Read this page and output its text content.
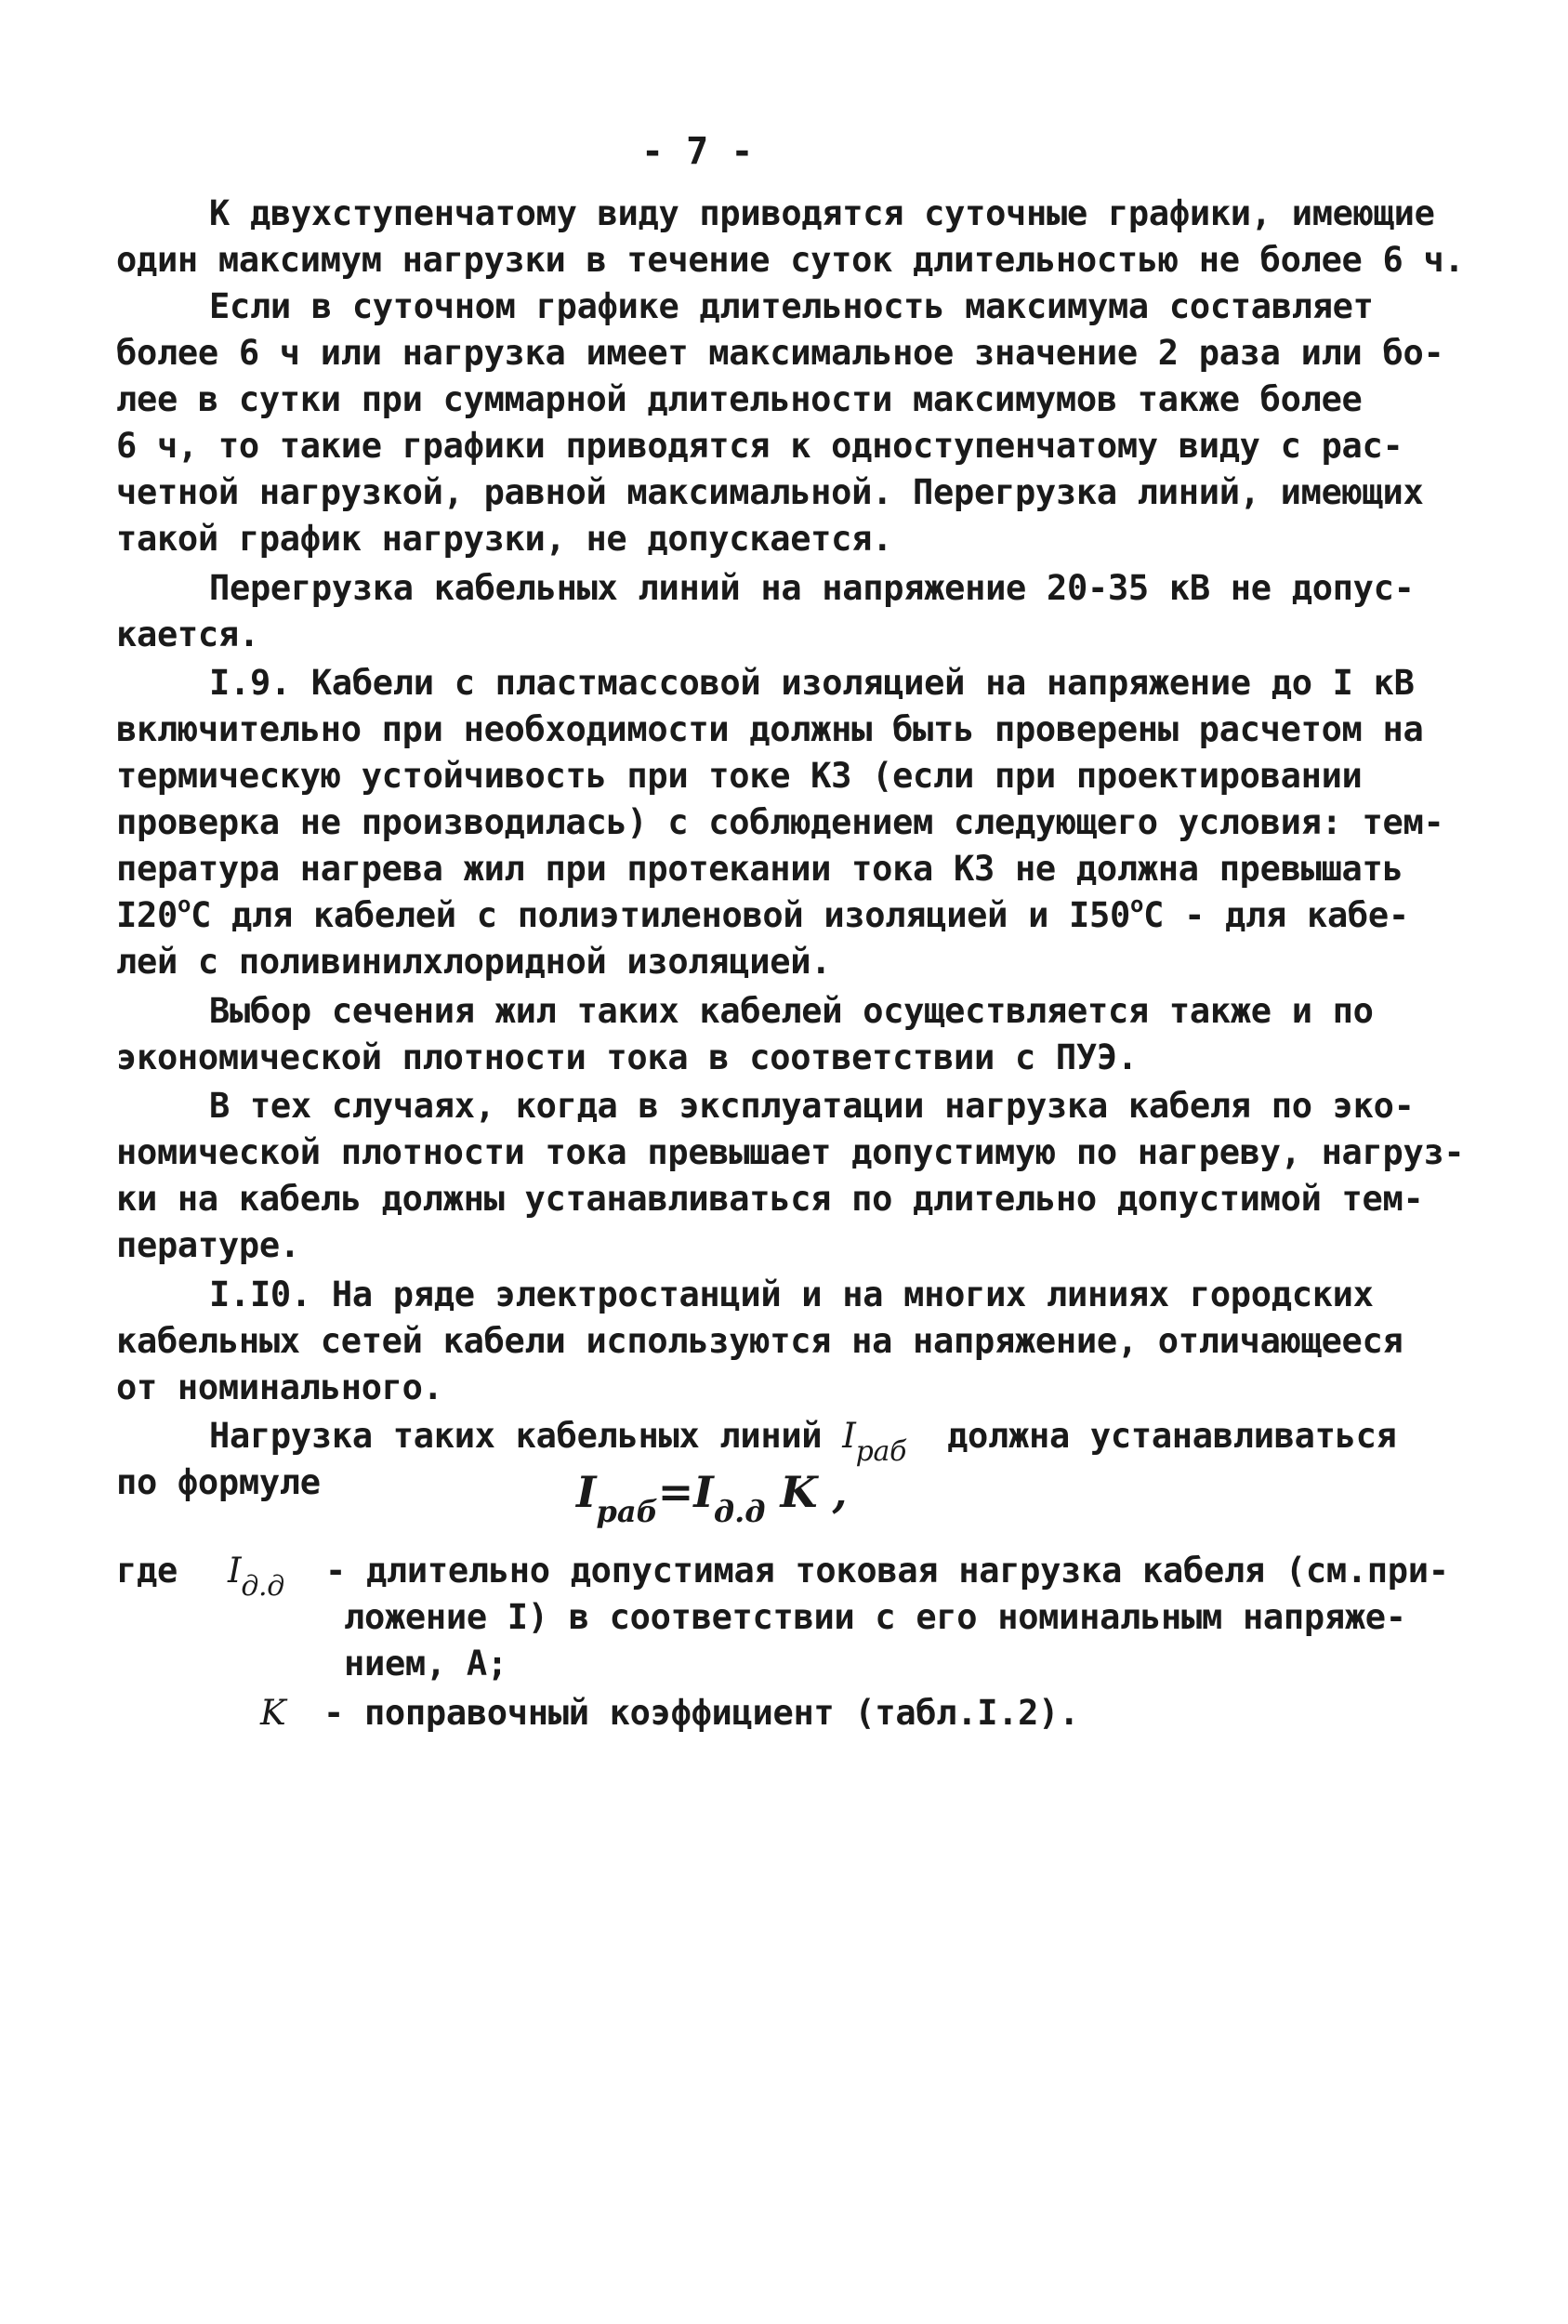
- 7 -
К двухступенчатому виду приводятся суточные графики, имеющие
один максимум нагрузки в течение суток длительностью не более 6 ч.
Если в суточном графике длительность максимума составляет
более 6 ч или нагрузка имеет максимальное значение 2 раза или бо-
лее в сутки при суммарной длительности максимумов также более
6 ч, то такие графики приводятся к одноступенчатому виду с рас-
четной нагрузкой, равной максимальной. Перегрузка линий, имеющих
такой график нагрузки, не допускается.
Перегрузка кабельных линий на напряжение 20-35 кВ не допус-
кается.
I.9. Кабели с пластмассовой изоляцией на напряжение до I кВ
включительно при необходимости должны быть проверены расчетом на
термическую устойчивость при токе КЗ (если при проектировании
проверка не производилась) с соблюдением следующего условия: тем-
пература нагрева жил при протекании тока КЗ не должна превышать
I20$^o$C для кабелей с полиэтиленовой изоляцией и I50$^o$C - для кабе-
лей с поливинилхлоридной изоляцией.
Выбор сечения жил таких кабелей осуществляется также и по
экономической плотности тока в соответствии с ПУЭ.
В тех случаях, когда в эксплуатации нагрузка кабеля по эко-
номической плотности тока превышает допустимую по нагреву, нагруз-
ки на кабель должны устанавливаться по длительно допустимой тем-
пературе.
I.I0. На ряде электростанций и на многих линиях городских
кабельных сетей кабели используются на напряжение, отличающееся
от номинального.
Нагрузка таких кабельных линий $I_{раб}$ должна устанавливаться
по формуле	$I_{раб}=I_{д.д}$ K ,
где $I_{д.д}$ - длительно допустимая токовая нагрузка кабеля (см.при-
ложение I) в соответствии с его номинальным напряже-
нием, А;
K - поправочный коэффициент (табл.I.2).
